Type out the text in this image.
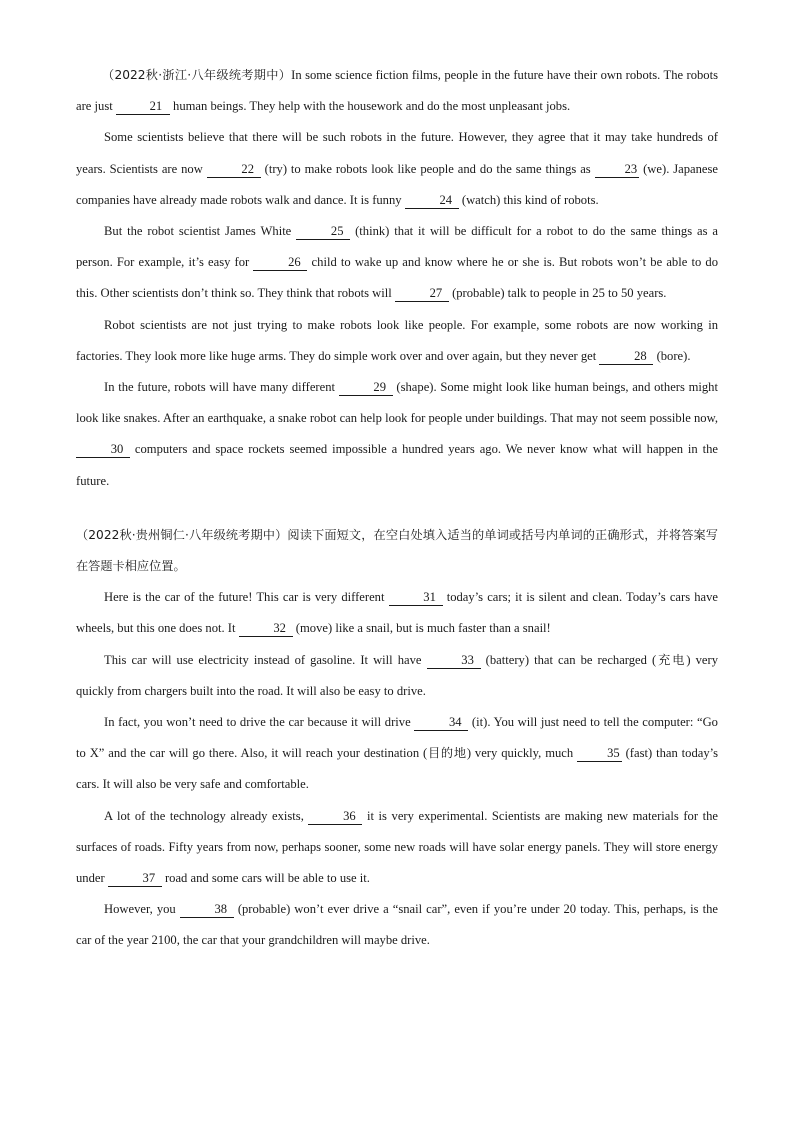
（2022秋·浙江·八年级统考期中）In some science fiction films, people in the future have their own robots. The robots are just	21 human beings. They help with the housework and do the most unpleasant jobs.

Some scientists believe that there will be such robots in the future. However, they agree that it may take hundreds of years. Scientists are now	22 (try) to make robots look like people and do the same things as 23 (we). Japanese companies have already made robots walk and dance. It is funny	24 (watch) this kind of robots.

But the robot scientist James White	25 (think) that it will be difficult for a robot to do the same things as a person. For example, it’s easy for	26 child to wake up and know where he or she is. But robots won’t be able to do this. Other scientists don’t think so. They think that robots will	27 (probable) talk to people in 25 to 50 years.

Robot scientists are not just trying to make robots look like people. For example, some robots are now working in factories. They look more like huge arms. They do simple work over and over again, but they never get	28 (bore).

In the future, robots will have many different	29 (shape). Some might look like human beings, and others might look like snakes. After an earthquake, a snake robot can help look for people under buildings. That may not seem possible now, 30 computers and space rockets seemed impossible a hundred years ago. We never know what will happen in the future.

（2022秋·贵州铜仁·八年级统考期中）阅读下面短文，在空白处填入适当的单词或括号内单词的正确形式，并将答案写在答题卡相应位置。

Here is the car of the future! This car is very different	31 today’s cars; it is silent and clean. Today’s cars have wheels, but this one does not. It	32 (move) like a snail, but is much faster than a snail!

This car will use electricity instead of gasoline. It will have	33 (battery) that can be recharged (充电) very quickly from chargers built into the road. It will also be easy to drive.

In fact, you won’t need to drive the car because it will drive	34 (it). You will just need to tell the computer: “Go to X” and the car will go there. Also, it will reach your destination (目的地) very quickly, much 35 (fast) than today’s cars. It will also be very safe and comfortable.

A lot of the technology already exists,	36 it is very experimental. Scientists are making new materials for the surfaces of roads. Fifty years from now, perhaps sooner, some new roads will have solar energy panels. They will store energy under	37 road and some cars will be able to use it.

However, you	38 (probable) won’t ever drive a “snail car”, even if you’re under 20 today. This, perhaps, is the car of the year 2100, the car that your grandchildren will maybe drive.
